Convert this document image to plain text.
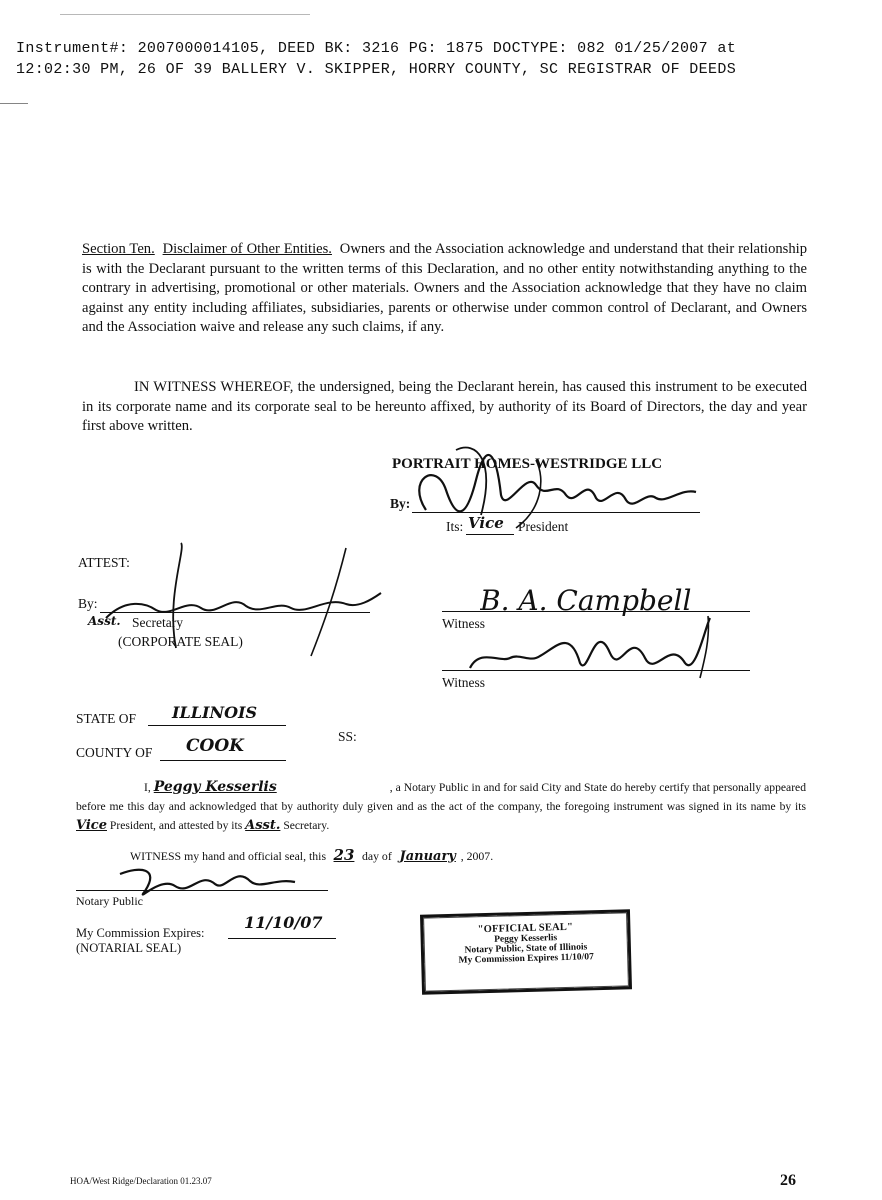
Instrument#: 2007000014105, DEED BK: 3216 PG: 1875 DOCTYPE: 082 01/25/2007 at
12:02:30 PM, 26 OF 39 BALLERY V. SKIPPER, HORRY COUNTY, SC REGISTRAR OF DEEDS
Section Ten. Disclaimer of Other Entities. Owners and the Association acknowledge and understand that their relationship is with the Declarant pursuant to the written terms of this Declaration, and no other entity notwithstanding anything to the contrary in advertising, promotional or other materials. Owners and the Association acknowledge that they have no claim against any entity including affiliates, subsidiaries, parents or otherwise under common control of Declarant, and Owners and the Association waive and release any such claims, if any.
IN WITNESS WHEREOF, the undersigned, being the Declarant herein, has caused this instrument to be executed in its corporate name and its corporate seal to be hereunto affixed, by authority of its Board of Directors, the day and year first above written.
PORTRAIT HOMES-WESTRIDGE LLC
By:
Its: Vice President
ATTEST:
By:
Asst. Secretary
(CORPORATE SEAL)
B. A. Campbell
Witness
Witness
STATE OF ILLINOIS
COUNTY OF COOK	SS:
I, Peggy Kesserlis	, a Notary Public in and for said City and State do hereby certify that personally appeared before me this day and acknowledged that by authority duly given and as the act of the company, the foregoing instrument was signed in its name by its Vice President, and attested by its Asst. Secretary.
WITNESS my hand and official seal, this 23 day of January , 2007.
Notary Public
My Commission Expires:
11/10/07
(NOTARIAL SEAL)
"OFFICIAL SEAL"
Peggy Kesserlis
Notary Public, State of Illinois
My Commission Expires 11/10/07
HOA/West Ridge/Declaration 01.23.07	26
